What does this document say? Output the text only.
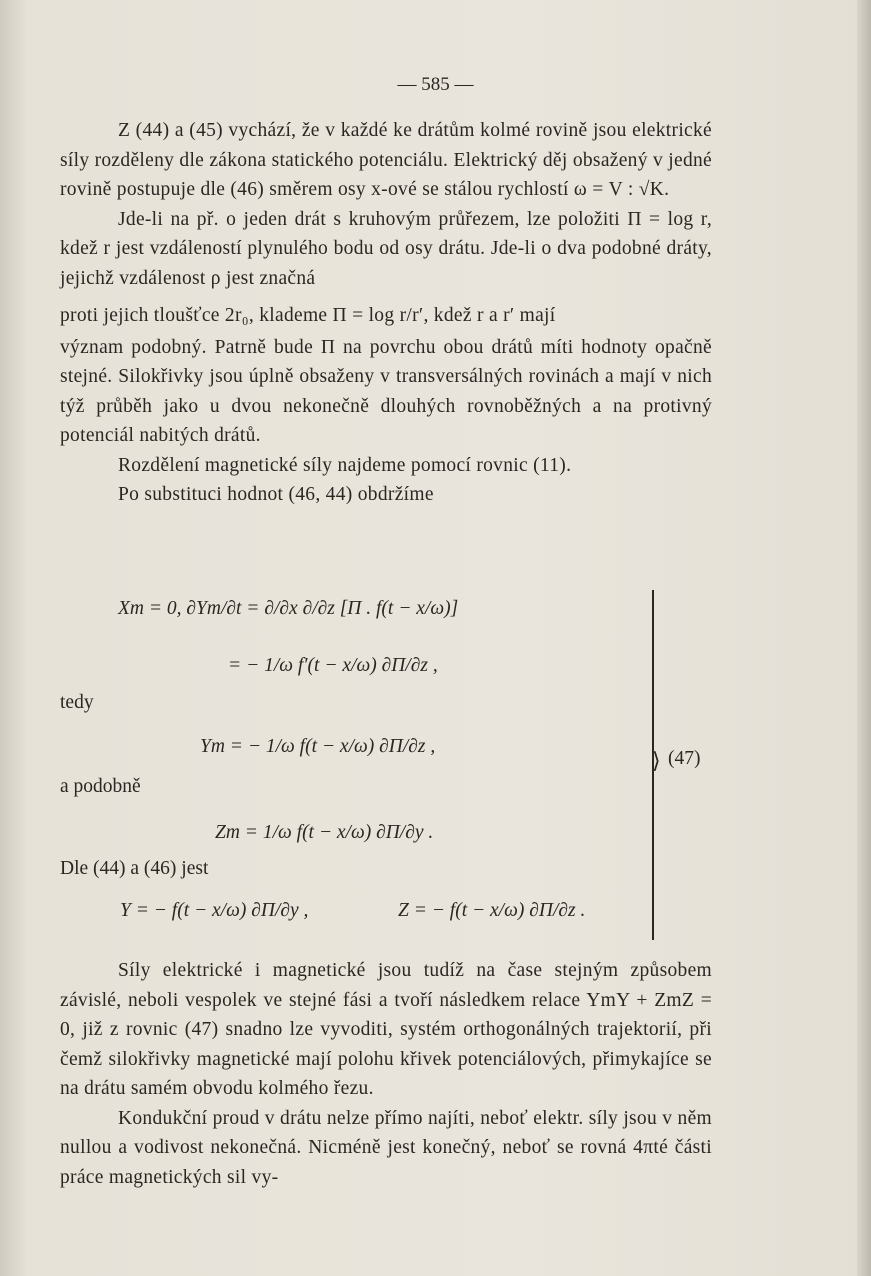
— 585 —

Z (44) a (45) vychází, že v každé ke drátům kolmé rovině jsou elektrické síly rozděleny dle zákona statického potenciálu. Elektrický děj obsažený v jedné rovině postupuje dle (46) směrem osy x-ové se stálou rychlostí ω = V : √K.

Jde-li na př. o jeden drát s kruhovým průřezem, lze položiti Π = log r, kdež r jest vzdáleností plynulého bodu od osy drátu. Jde-li o dva podobné dráty, jejichž vzdálenost ρ jest značná

proti jejich tloušťce 2r₀, klademe Π = log r/r′, kdež r a r′ mají

význam podobný. Patrně bude Π na povrchu obou drátů míti hodnoty opačně stejné. Silokřivky jsou úplně obsaženy v transversálných rovinách a mají v nich týž průběh jako u dvou nekonečně dlouhých rovnoběžných a na protivný potenciál nabitých drátů.

Rozdělení magnetické síly najdeme pomocí rovnic (11).

Po substituci hodnot (46, 44) obdržíme

Xm = 0, ∂Ym/∂t = ∂/∂x ∂/∂z [Π . f(t − x/ω)]
= − 1/ω f′(t − x/ω) ∂Π/∂z ,
tedy
Ym = − 1/ω f(t − x/ω) ∂Π/∂z ,
a podobně
Zm = 1/ω f(t − x/ω) ∂Π/∂y .
Dle (44) a (46) jest
Y = − f(t − x/ω) ∂Π/∂y ,	Z = − f(t − x/ω) ∂Π/∂z .
⟩ (47)

Síly elektrické i magnetické jsou tudíž na čase stejným způsobem závislé, neboli vespolek ve stejné fási a tvoří následkem relace YmY + ZmZ = 0, již z rovnic (47) snadno lze vyvoditi, systém orthogonálných trajektorií, při čemž silokřivky magnetické mají polohu křivek potenciálových, přimykajíce se na drátu samém obvodu kolmého řezu.

Kondukční proud v drátu nelze přímo najíti, neboť elektr. síly jsou v něm nullou a vodivost nekonečná. Nicméně jest konečný, neboť se rovná 4πté části práce magnetických sil vy-
